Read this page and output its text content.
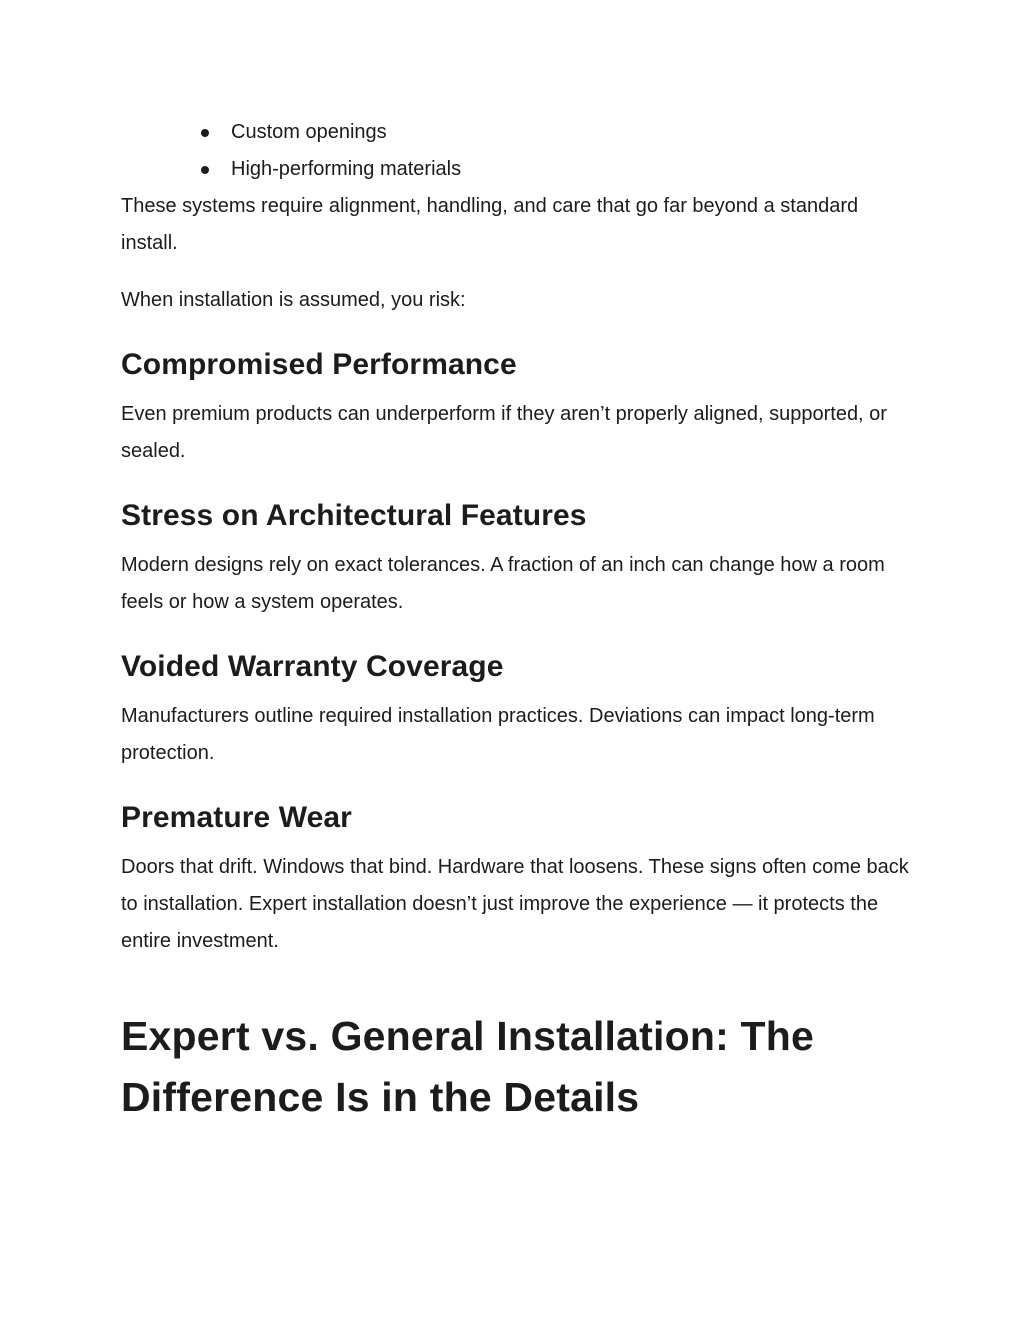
Custom openings
High-performing materials

These systems require alignment, handling, and care that go far beyond a standard install.

When installation is assumed, you risk:

Compromised Performance

Even premium products can underperform if they aren’t properly aligned, supported, or sealed.

Stress on Architectural Features

Modern designs rely on exact tolerances. A fraction of an inch can change how a room feels or how a system operates.

Voided Warranty Coverage

Manufacturers outline required installation practices. Deviations can impact long-term protection.

Premature Wear

Doors that drift. Windows that bind. Hardware that loosens. These signs often come back to installation. Expert installation doesn’t just improve the experience — it protects the entire investment.

Expert vs. General Installation: The Difference Is in the Details
